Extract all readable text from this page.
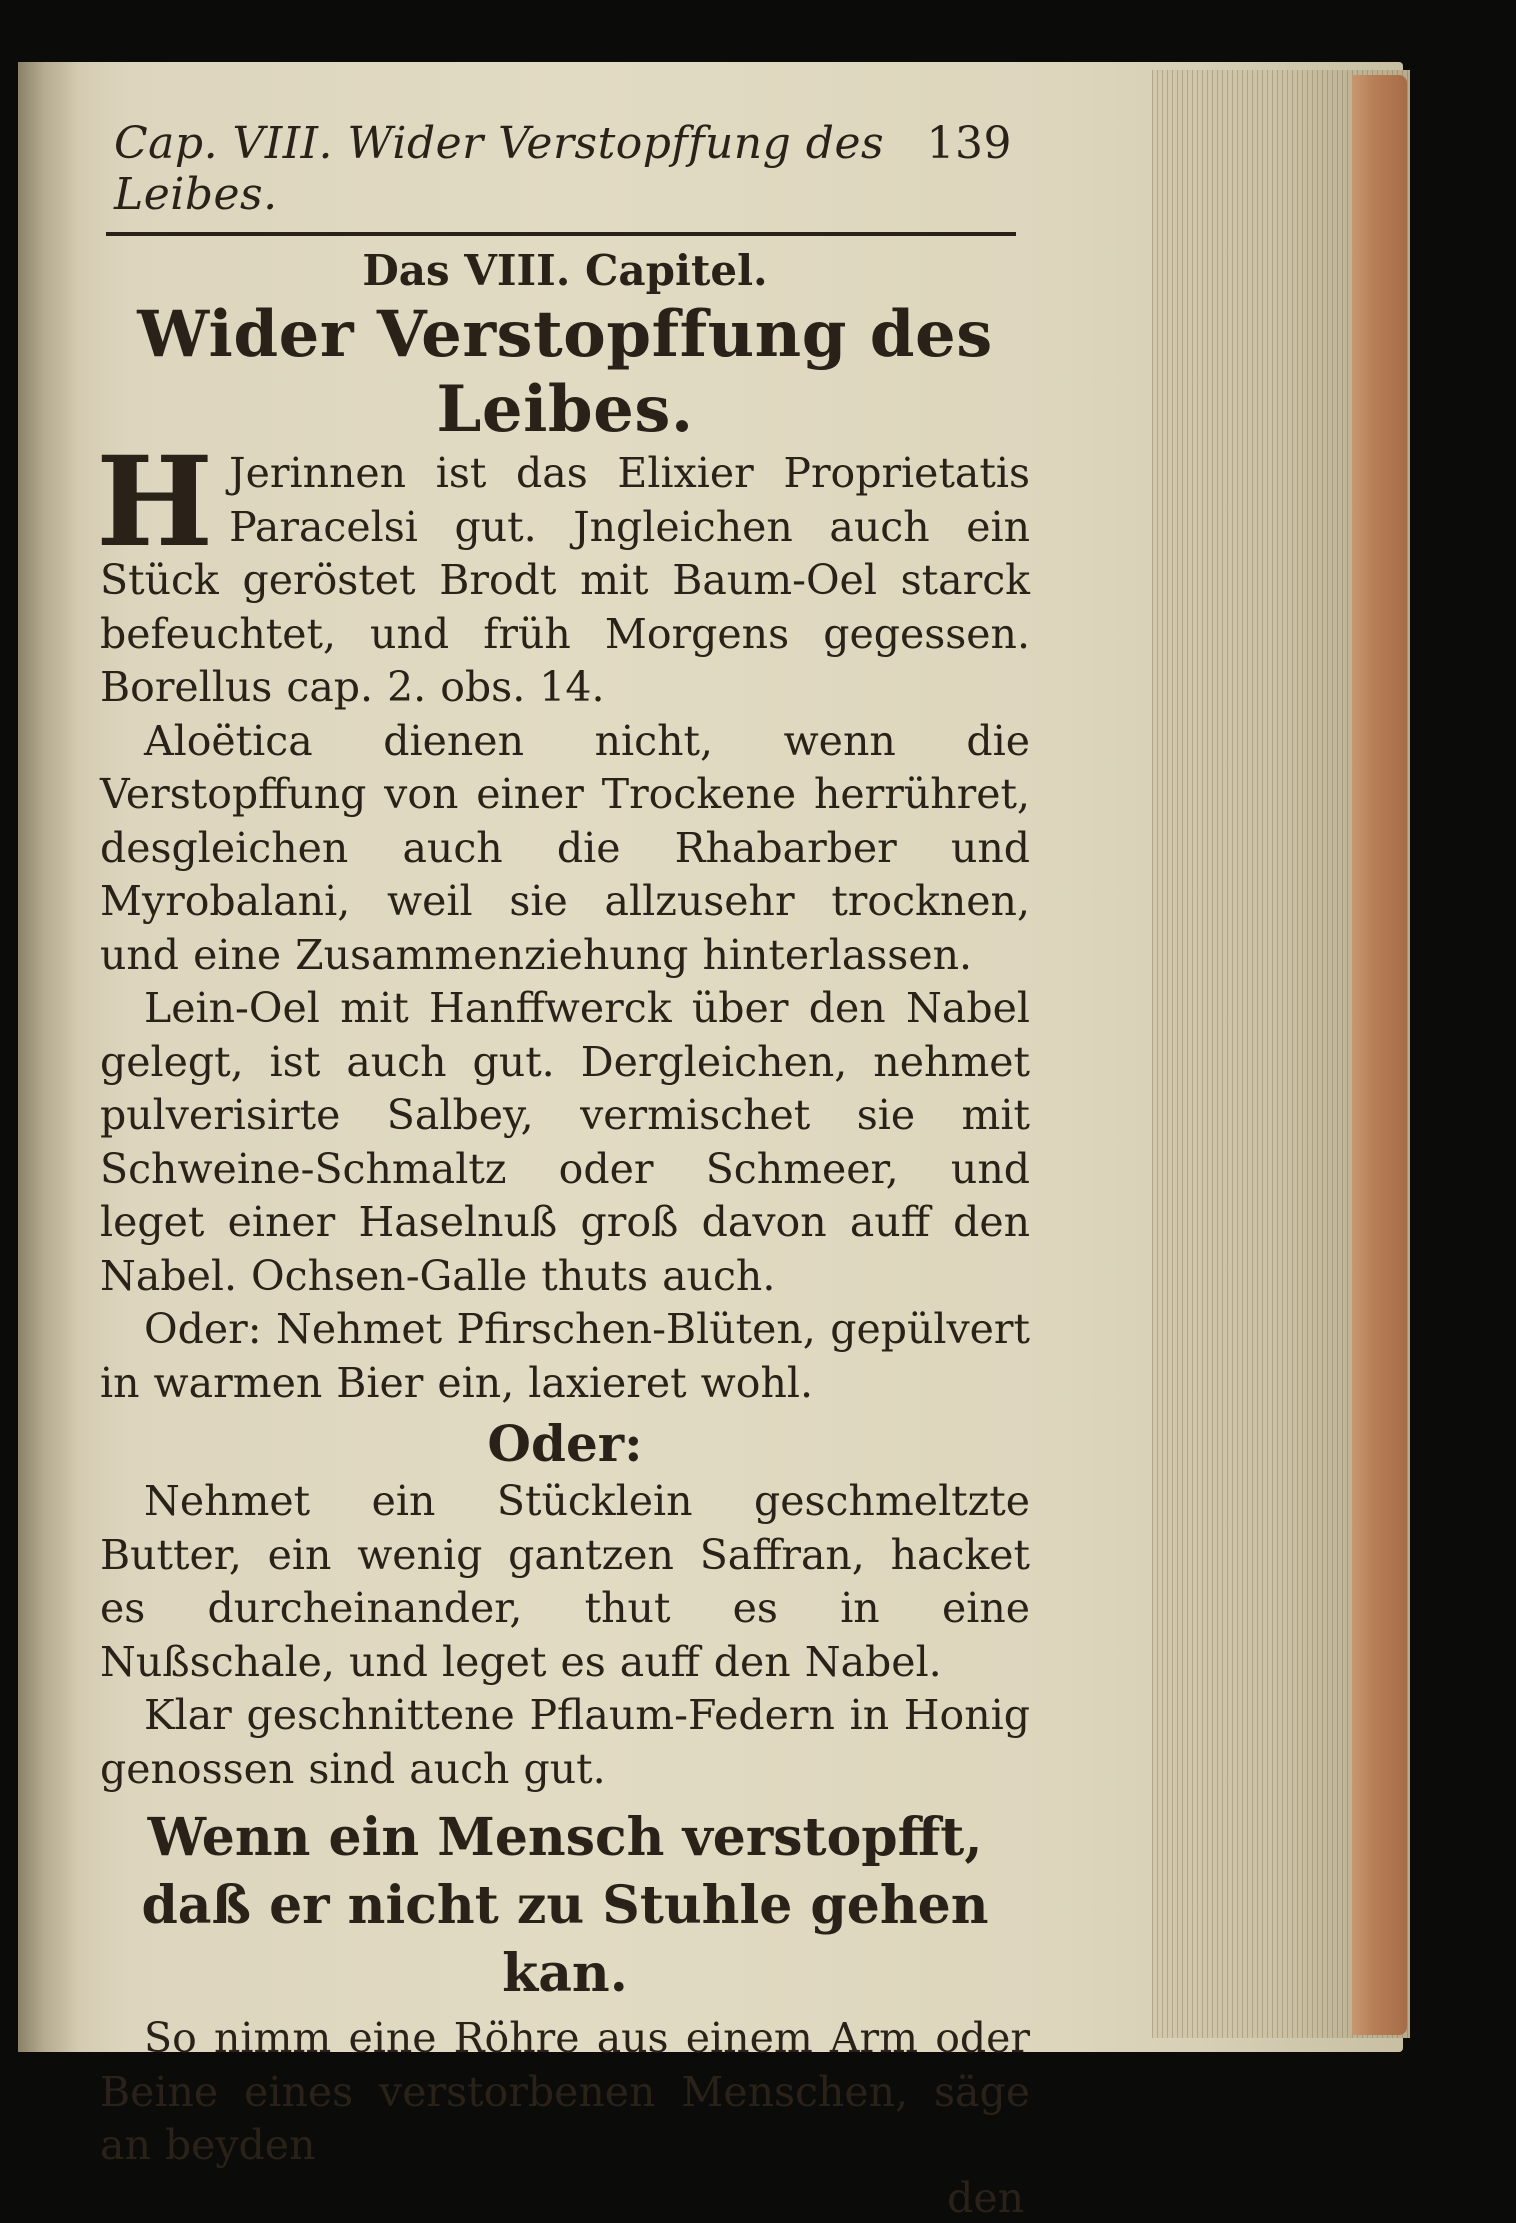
Cap. VIII. Wider Verstopffung des Leibes.
139
Das VIII. Capitel.
Wider Verstopffung des Leibes.

H Jerinnen ist das Elixier Proprietatis Paracelsi gut. Jngleichen auch ein Stück geröstet Brodt mit Baum-Oel starck befeuchtet, und früh Morgens gegessen. Borellus cap. 2. obs. 14.

Aloëtica dienen nicht, wenn die Verstopffung von einer Trockene herrühret, desgleichen auch die Rhabarber und Myrobalani, weil sie allzusehr trocknen, und eine Zusammenziehung hinterlassen.

Lein-Oel mit Hanffwerck über den Nabel gelegt, ist auch gut. Dergleichen, nehmet pulverisirte Salbey, vermischet sie mit Schweine-Schmaltz oder Schmeer, und leget einer Haselnuß groß davon auff den Nabel. Ochsen-Galle thuts auch.

Oder: Nehmet Pfirschen-Blüten, gepülvert in warmen Bier ein, laxieret wohl.

Oder:

Nehmet ein Stücklein geschmeltzte Butter, ein wenig gantzen Saffran, hacket es durcheinander, thut es in eine Nußschale, und leget es auff den Nabel.

Klar geschnittene Pflaum-Federn in Honig genossen sind auch gut.

Wenn ein Mensch verstopfft, daß er nicht zu Stuhle gehen kan.

So nimm eine Röhre aus einem Arm oder Beine eines verstorbenen Menschen, säge an beyden

den
